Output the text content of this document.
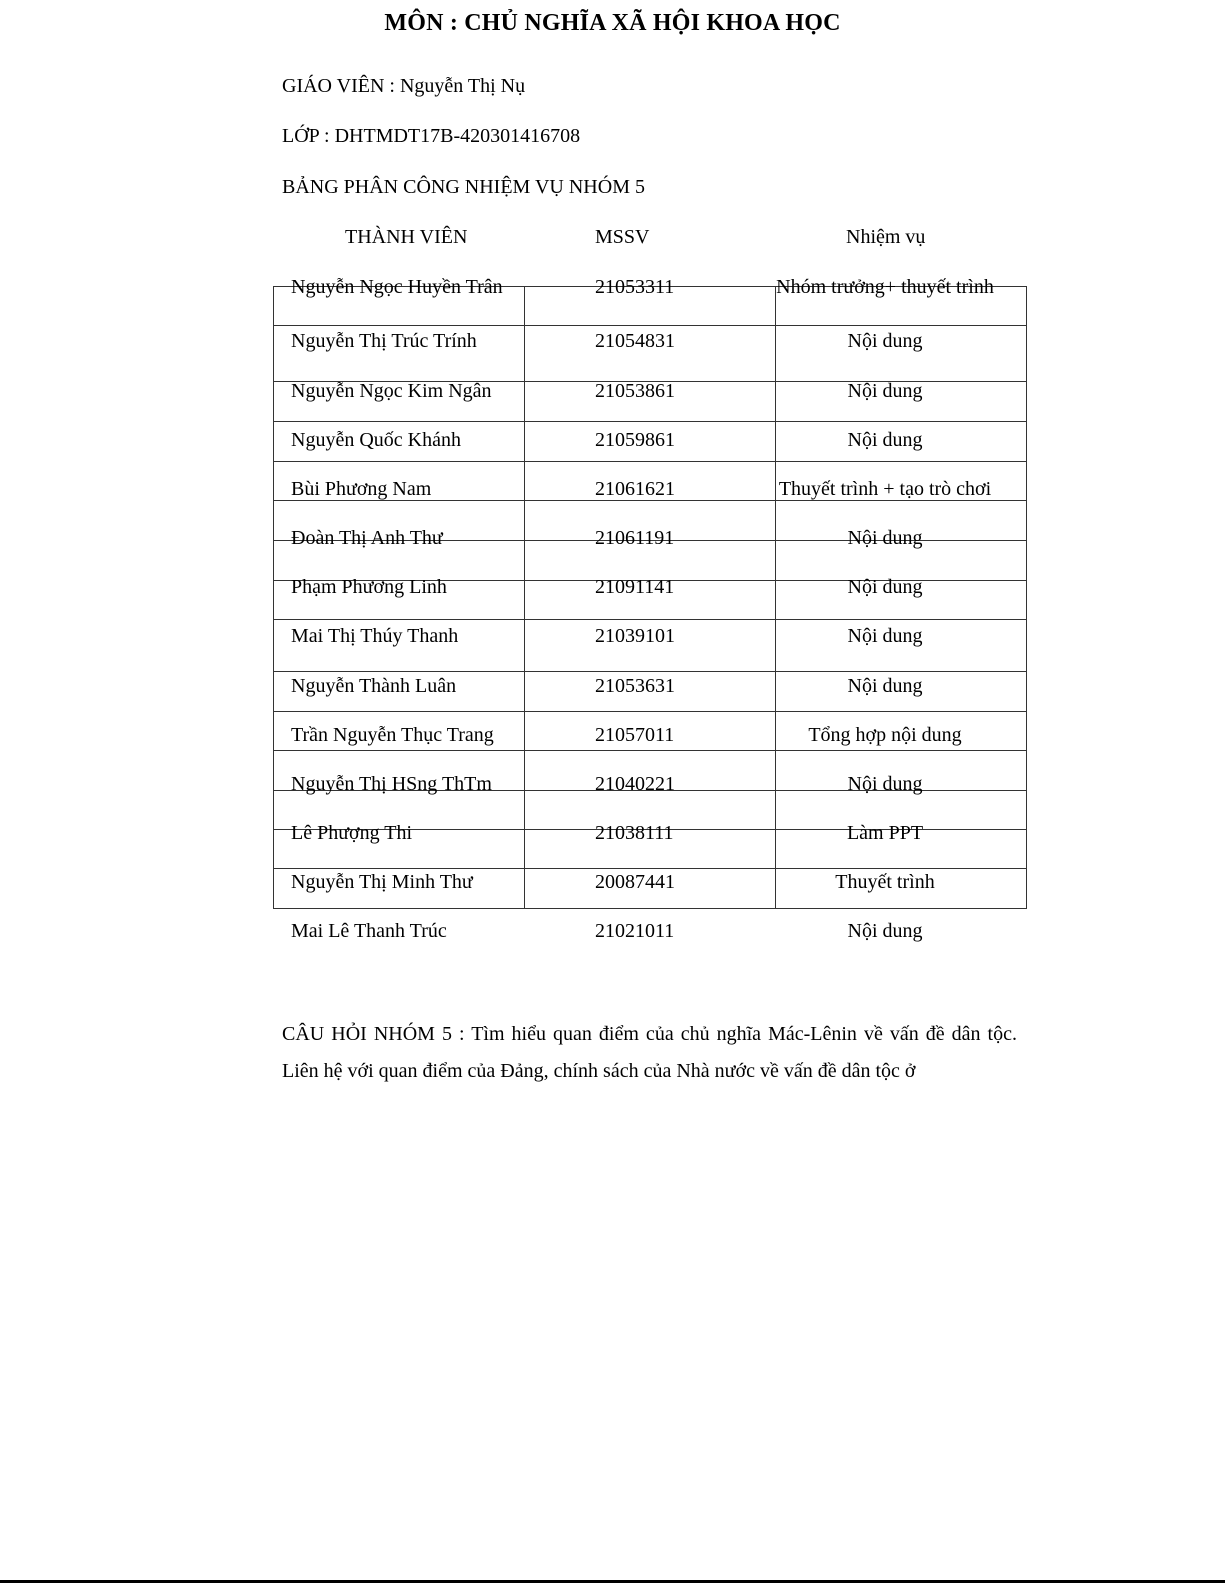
MÔN : CHỦ NGHĨA XÃ HỘI KHOA HỌC
GIÁO VIÊN : Nguyễn Thị Nụ
LỚP : DHTMDT17B-420301416708
BẢNG PHÂN CÔNG NHIỆM VỤ NHÓM 5
THÀNH VIÊN	MSSV	Nhiệm vụ
Nguyễn Ngọc Huyền Trân	21053311	Nhóm trưởng+ thuyết trình
Nguyễn Thị Trúc Trính	21054831	Nội dung
Nguyễn Ngọc Kim Ngân	21053861	Nội dung
Nguyễn Quốc Khánh	21059861	Nội dung
Bùi Phương Nam	21061621	Thuyết trình + tạo trò chơi
Đoàn Thị Anh Thư	21061191	Nội dung
Phạm Phương Linh	21091141	Nội dung
Mai Thị Thúy Thanh	21039101	Nội dung
Nguyễn Thành Luân	21053631	Nội dung
Trần Nguyễn Thục Trang	21057011	Tổng hợp nội dung
Nguyễn Thị HSng ThTm	21040221	Nội dung
Lê Phượng Thi	21038111	Làm PPT
Nguyễn Thị Minh Thư	20087441	Thuyết trình
Mai Lê Thanh Trúc	21021011	Nội dung
CÂU HỎI NHÓM 5 : Tìm hiểu quan điểm của chủ nghĩa Mác-Lênin về vấn đề dân tộc. Liên hệ với quan điểm của Đảng, chính sách của Nhà nước về vấn đề dân tộc ở
